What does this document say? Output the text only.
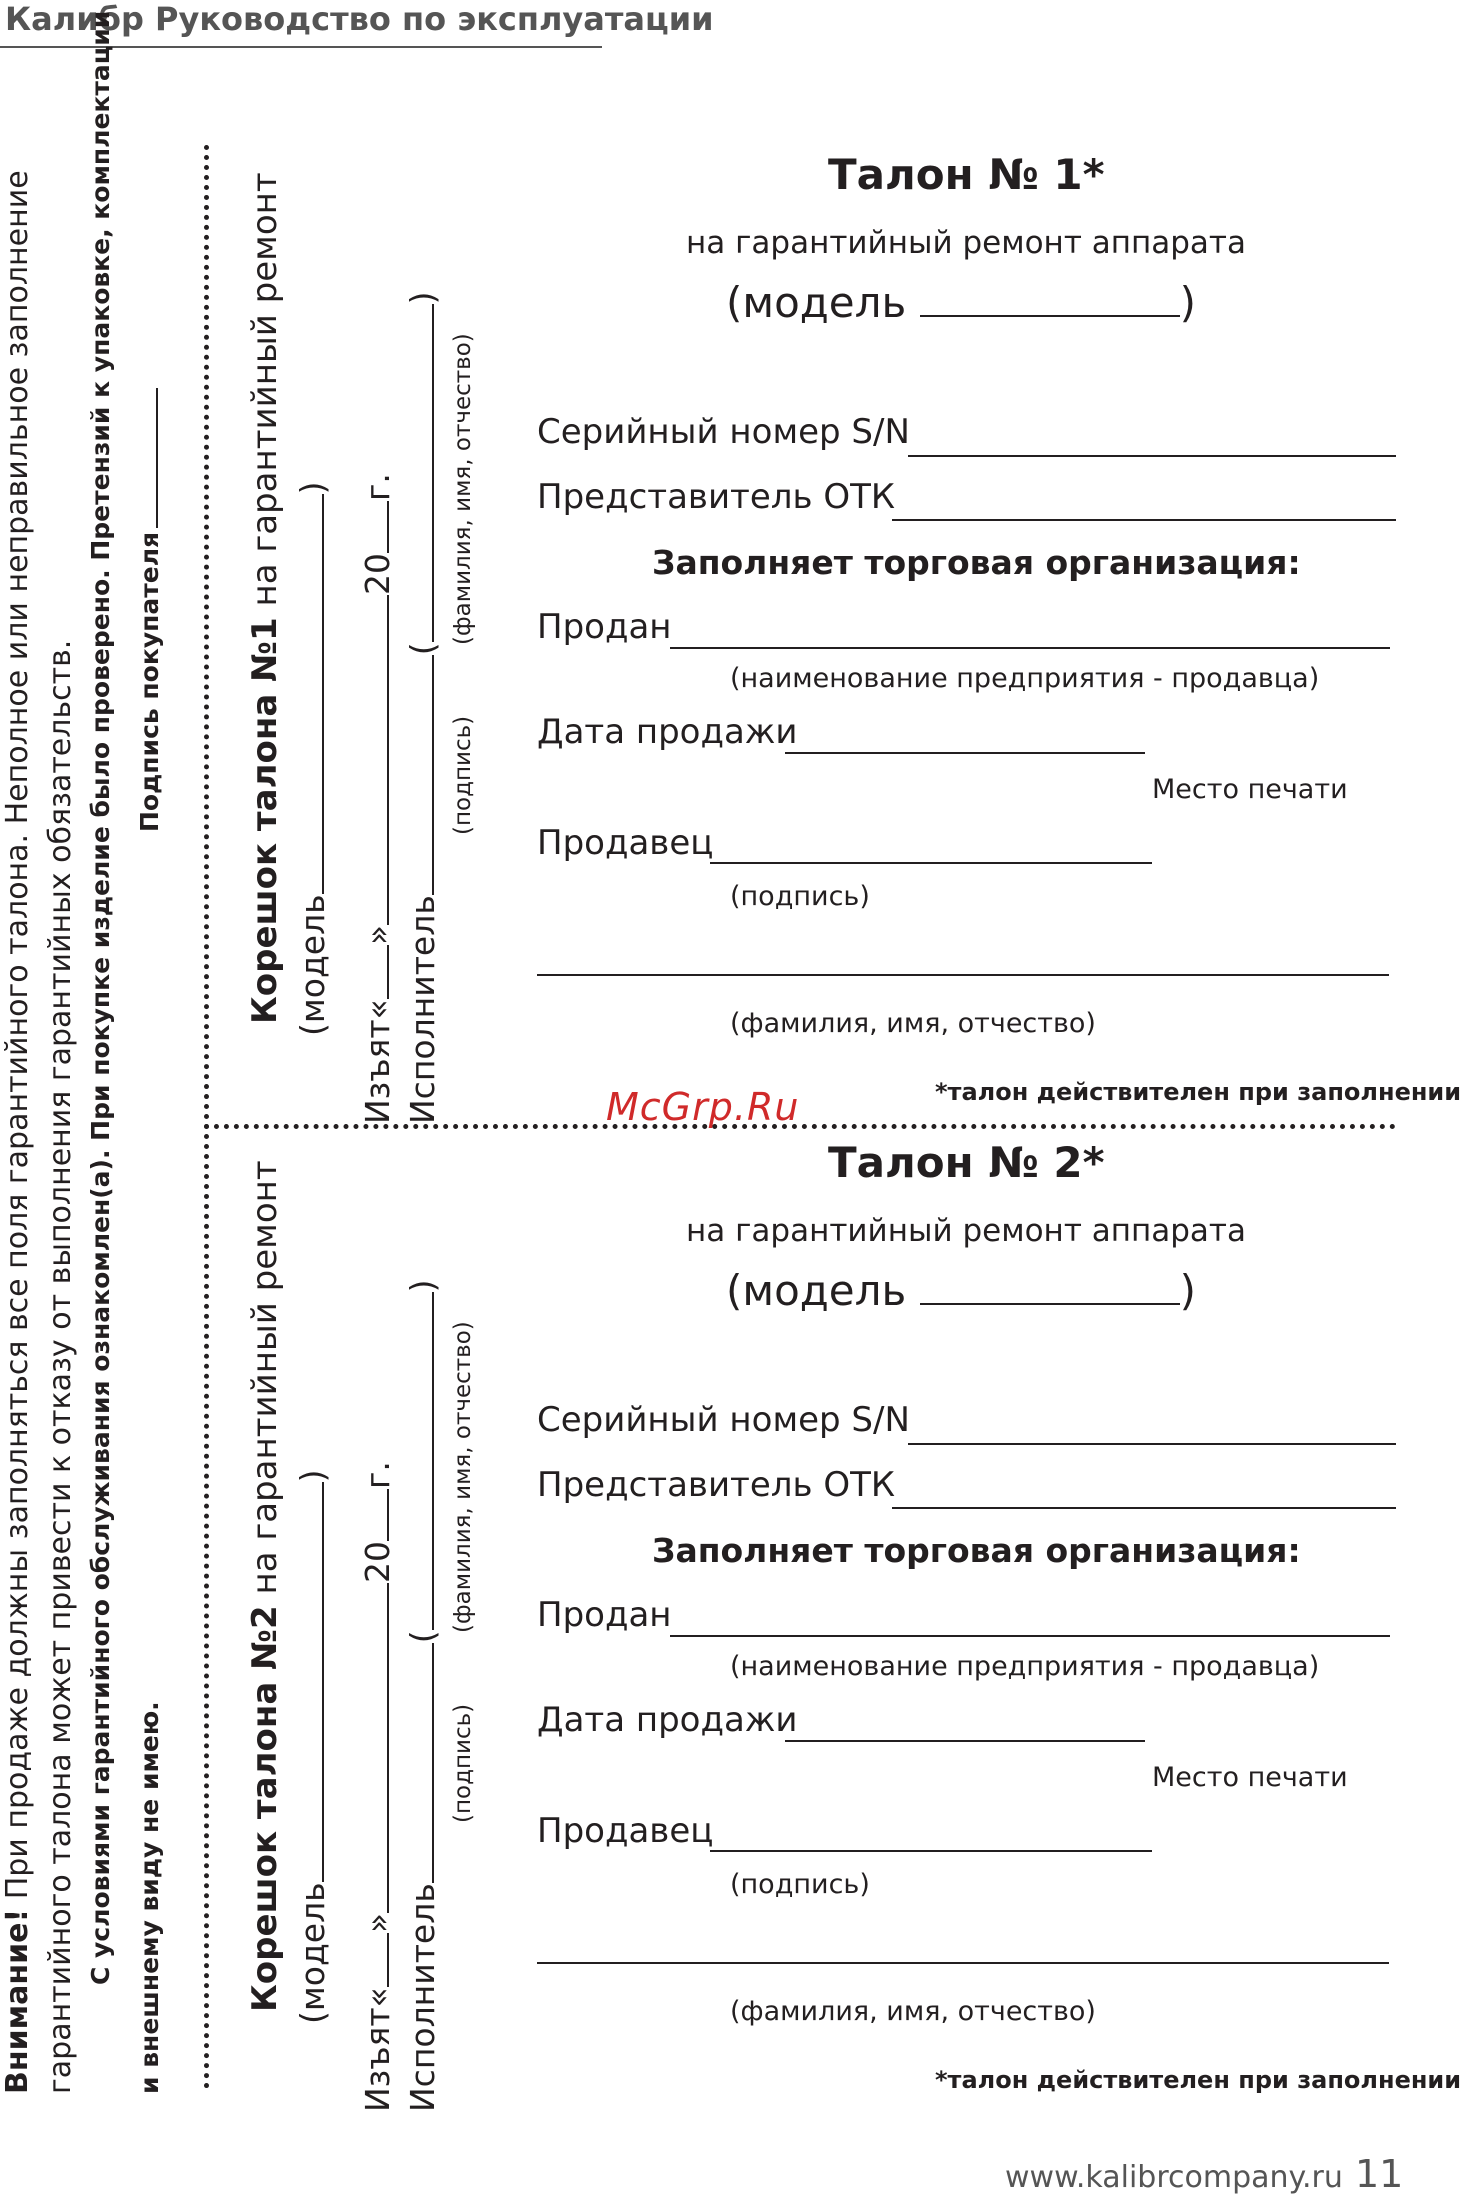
Калибр Руководство по эксплуатации
Внимание! При продаже должны заполняться все поля гарантийного талона. Неполное или неправильное заполнение гарантийного талона может привести к отказу от выполнения гарантийных обязательств. С условиями гарантийного обслуживания ознакомлен(а). При покупке изделие было проверено. Претензий к упаковке, комплектации и внешнему виду не имею.
Подпись покупателя Корешок талона №1 на гарантийный ремонт
(модель)
Изъят«»20г.
Исполнитель()
(подпись)
(фамилия, имя, отчество)
Корешок талона №2 на гарантийный ремонт
(модель)
Изъят«»20г.
Исполнитель()
(подпись)
(фамилия, имя, отчество)
Талон № 1*
на гарантийный ремонт аппарата
(модель	)
Серийный номер S/N
Представитель ОТК
Заполняет торговая организация:
Продан
(наименование предприятия - продавца)
Дата продажи
Место печати
Продавец
(подпись)
(фамилия, имя, отчество)
*талон действителен при заполнении
Талон № 2*
на гарантийный ремонт аппарата
(модель	)
Серийный номер S/N
Представитель ОТК
Заполняет торговая организация:
Продан
(наименование предприятия - продавца)
Дата продажи
Место печати
Продавец
(подпись)
(фамилия, имя, отчество)
*талон действителен при заполнении
McGrp.Ru
www.kalibrcompany.ru 11
